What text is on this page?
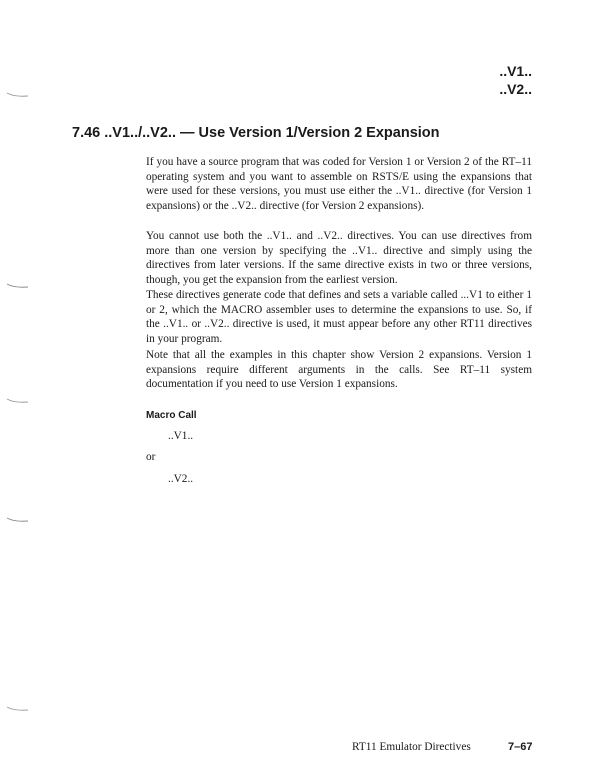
..V1..
..V2..
7.46 ..V1../..V2.. — Use Version 1/Version 2 Expansion

If you have a source program that was coded for Version 1 or Version 2 of the RT–11 operating system and you want to assemble on RSTS/E using the expansions that were used for these versions, you must use either the ..V1.. directive (for Version 1 expansions) or the ..V2.. directive (for Version 2 expansions).

You cannot use both the ..V1.. and ..V2.. directives. You can use directives from more than one version by specifying the ..V1.. directive and simply using the directives from later versions. If the same directive exists in two or three versions, though, you get the expansion from the earliest version.

These directives generate code that defines and sets a variable called ...V1 to either 1 or 2, which the MACRO assembler uses to determine the expansions to use. So, if the ..V1.. or ..V2.. directive is used, it must appear before any other RT11 directives in your program.

Note that all the examples in this chapter show Version 2 expansions. Version 1 expansions require different arguments in the calls. See RT–11 system documentation if you need to use Version 1 expansions.

Macro Call
..V1..
or
..V2..
RT11 Emulator Directives	7–67
